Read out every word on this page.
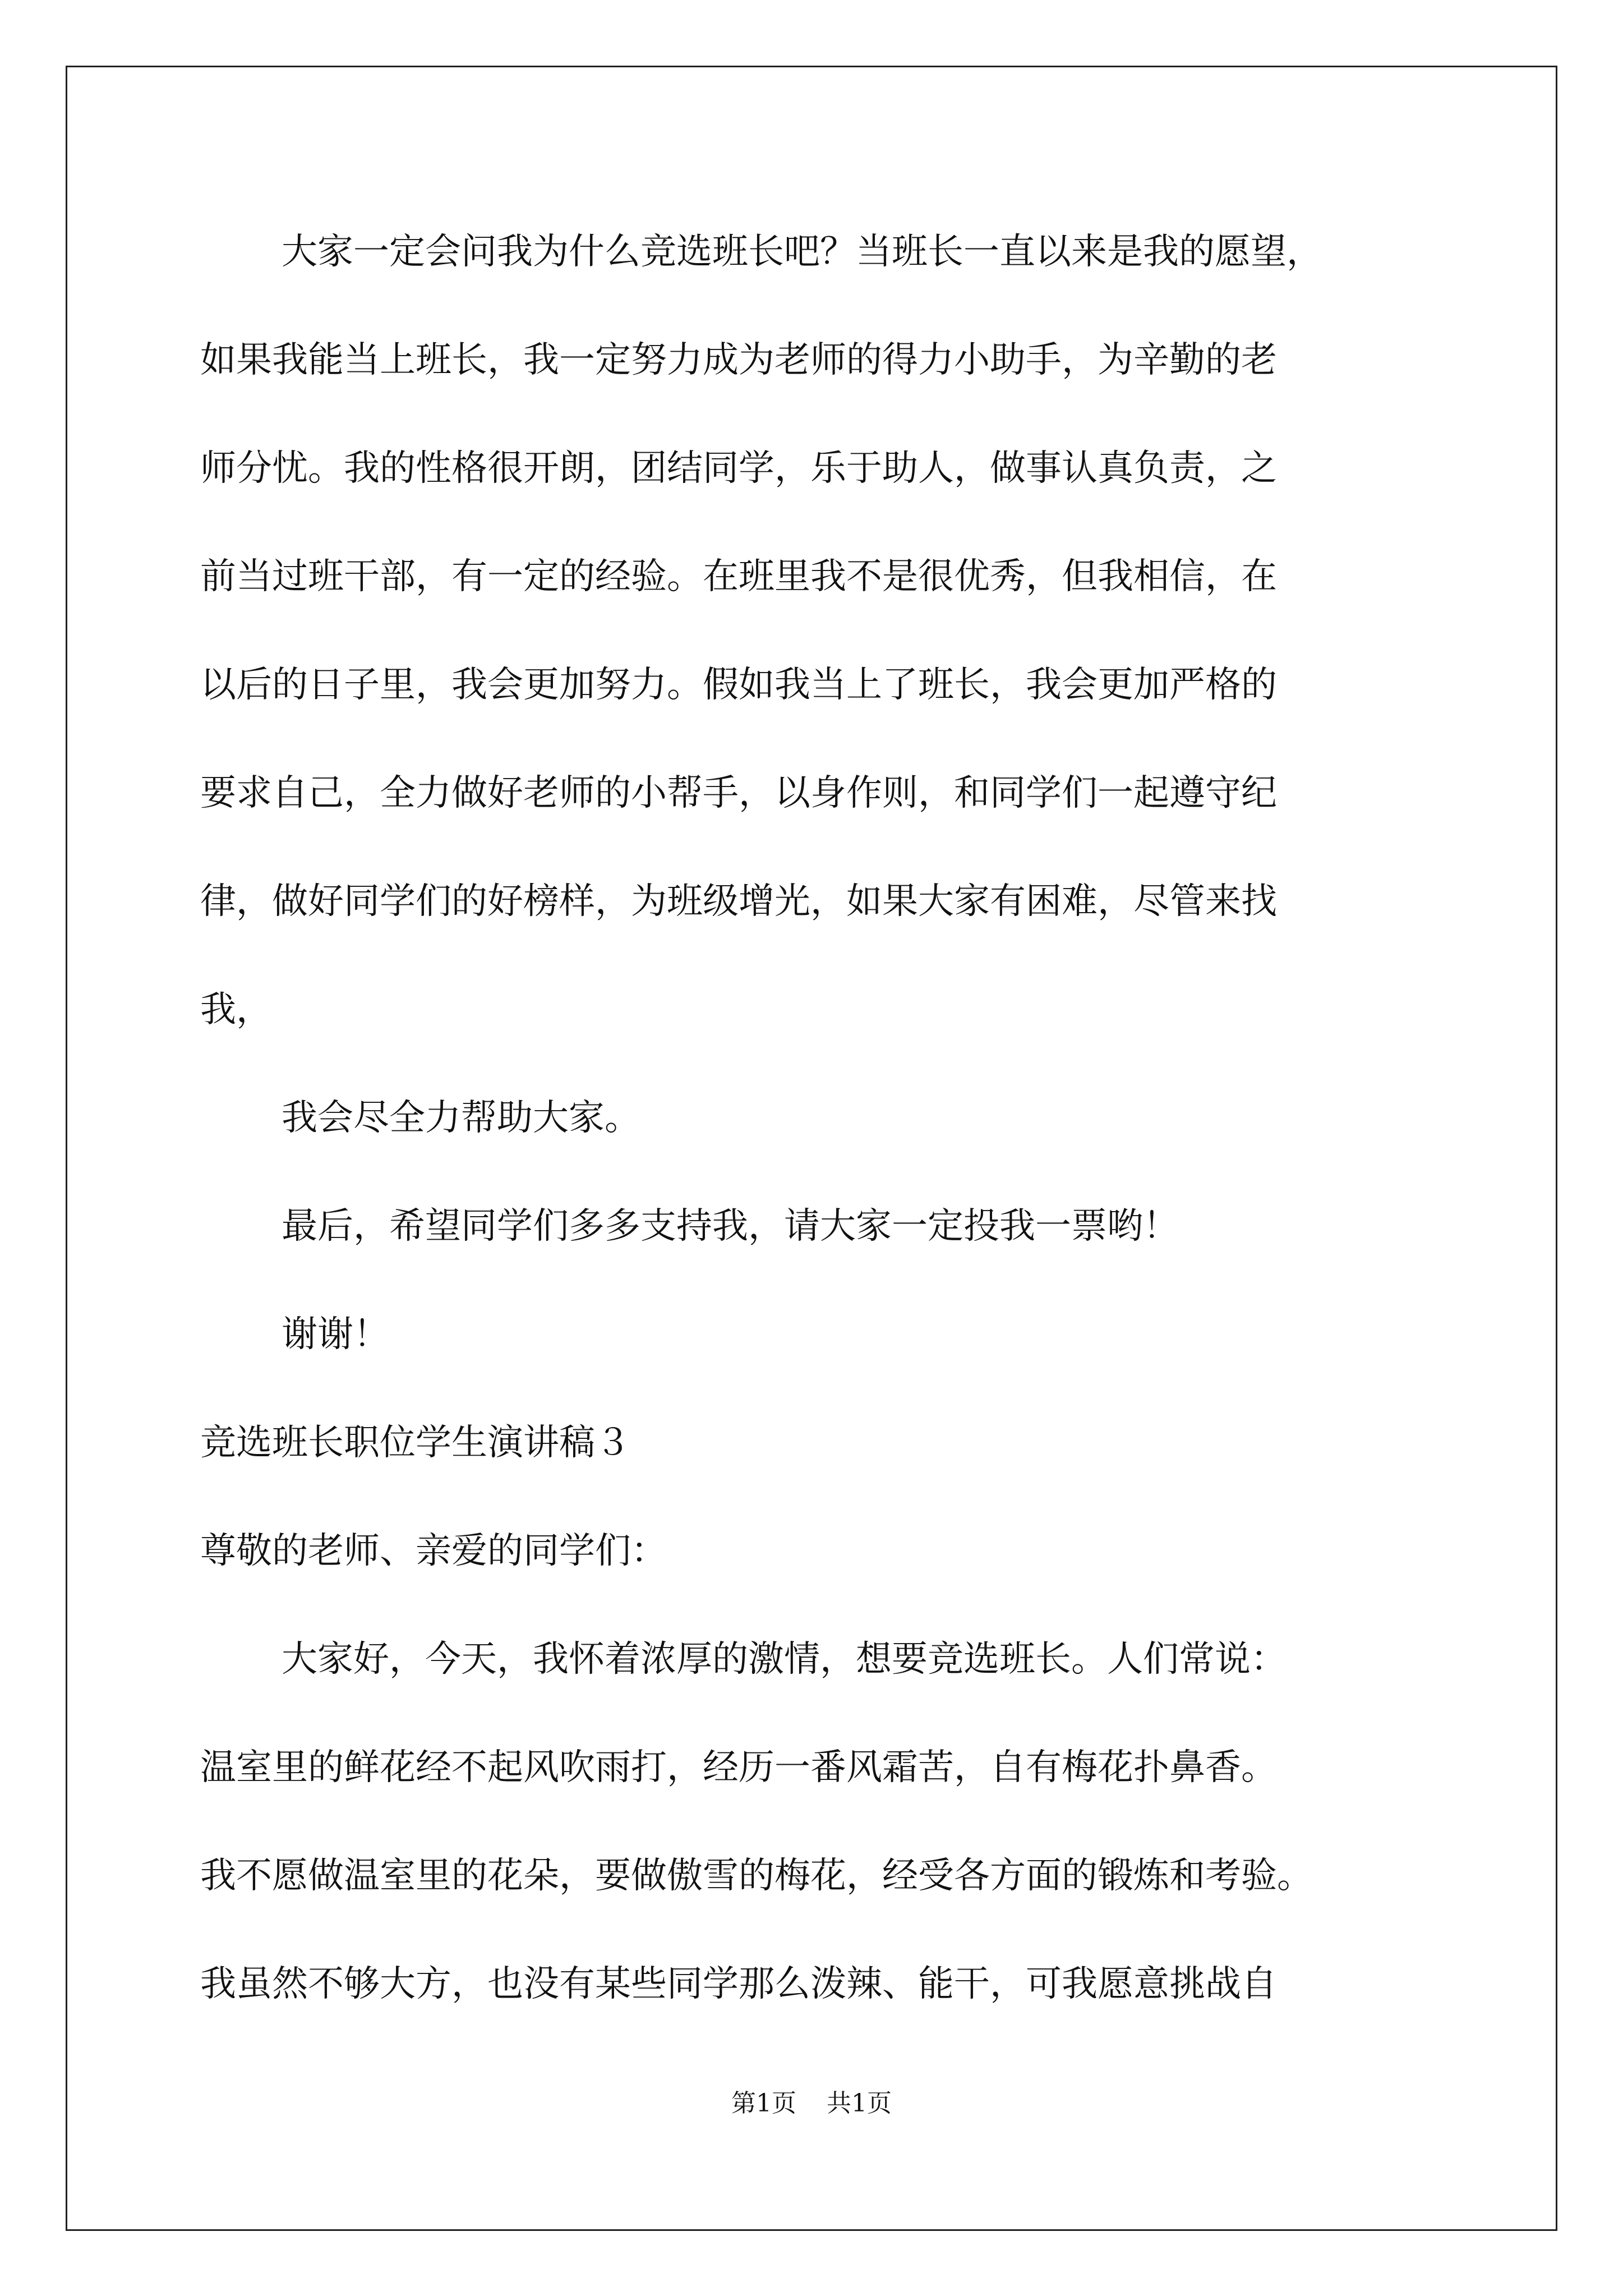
大家一定会问我为什么竞选班长吧？当班长一直以来是我的愿望，
如果我能当上班长，我一定努力成为老师的得力小助手，为辛勤的老
师分忧。我的性格很开朗，团结同学，乐于助人，做事认真负责，之
前当过班干部，有一定的经验。在班里我不是很优秀，但我相信，在
以后的日子里，我会更加努力。假如我当上了班长，我会更加严格的
要求自己，全力做好老师的小帮手，以身作则，和同学们一起遵守纪
律，做好同学们的好榜样，为班级增光，如果大家有困难，尽管来找
我，
我会尽全力帮助大家。
最后，希望同学们多多支持我，请大家一定投我一票哟！
谢谢！
竞选班长职位学生演讲稿３
尊敬的老师、亲爱的同学们：
大家好，今天，我怀着浓厚的激情，想要竞选班长。人们常说：
温室里的鲜花经不起风吹雨打，经历一番风霜苦，自有梅花扑鼻香。
我不愿做温室里的花朵，要做傲雪的梅花，经受各方面的锻炼和考验。
我虽然不够大方，也没有某些同学那么泼辣、能干，可我愿意挑战自
第1页 共1页
